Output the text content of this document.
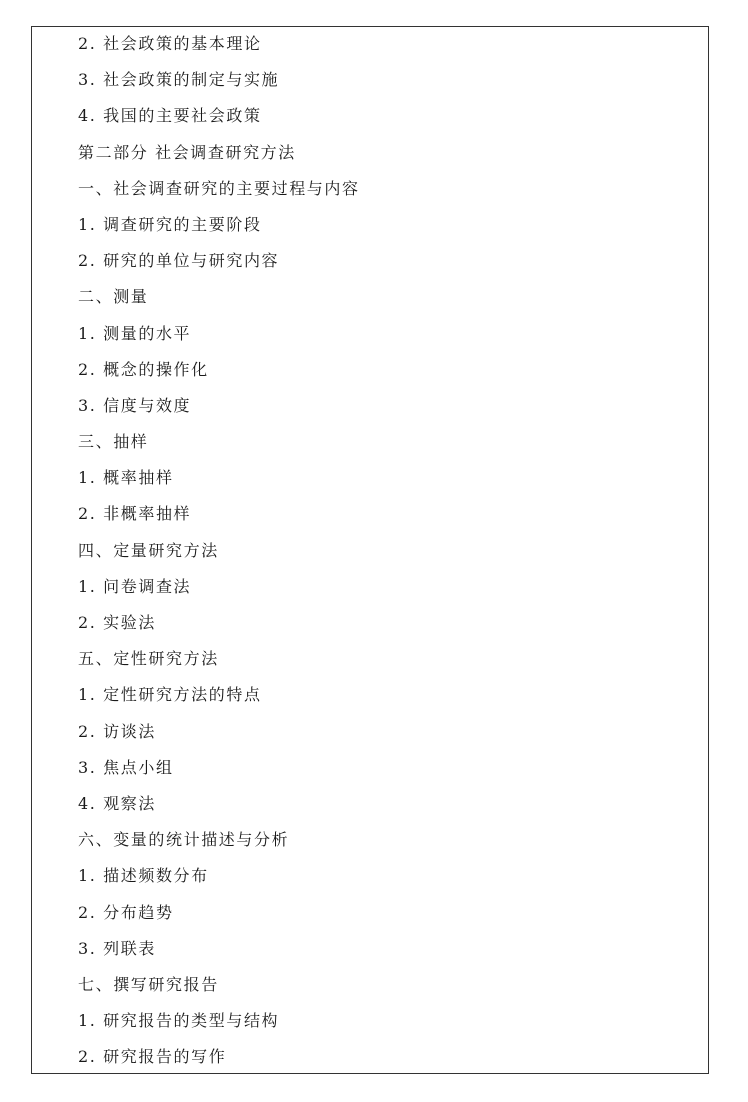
2. 社会政策的基本理论
3. 社会政策的制定与实施
4. 我国的主要社会政策
第二部分 社会调查研究方法
一、社会调查研究的主要过程与内容
1. 调查研究的主要阶段
2. 研究的单位与研究内容
二、测量
1. 测量的水平
2. 概念的操作化
3. 信度与效度
三、抽样
1. 概率抽样
2. 非概率抽样
四、定量研究方法
1. 问卷调查法
2. 实验法
五、定性研究方法
1. 定性研究方法的特点
2. 访谈法
3. 焦点小组
4. 观察法
六、变量的统计描述与分析
1. 描述频数分布
2. 分布趋势
3. 列联表
七、撰写研究报告
1. 研究报告的类型与结构
2. 研究报告的写作
